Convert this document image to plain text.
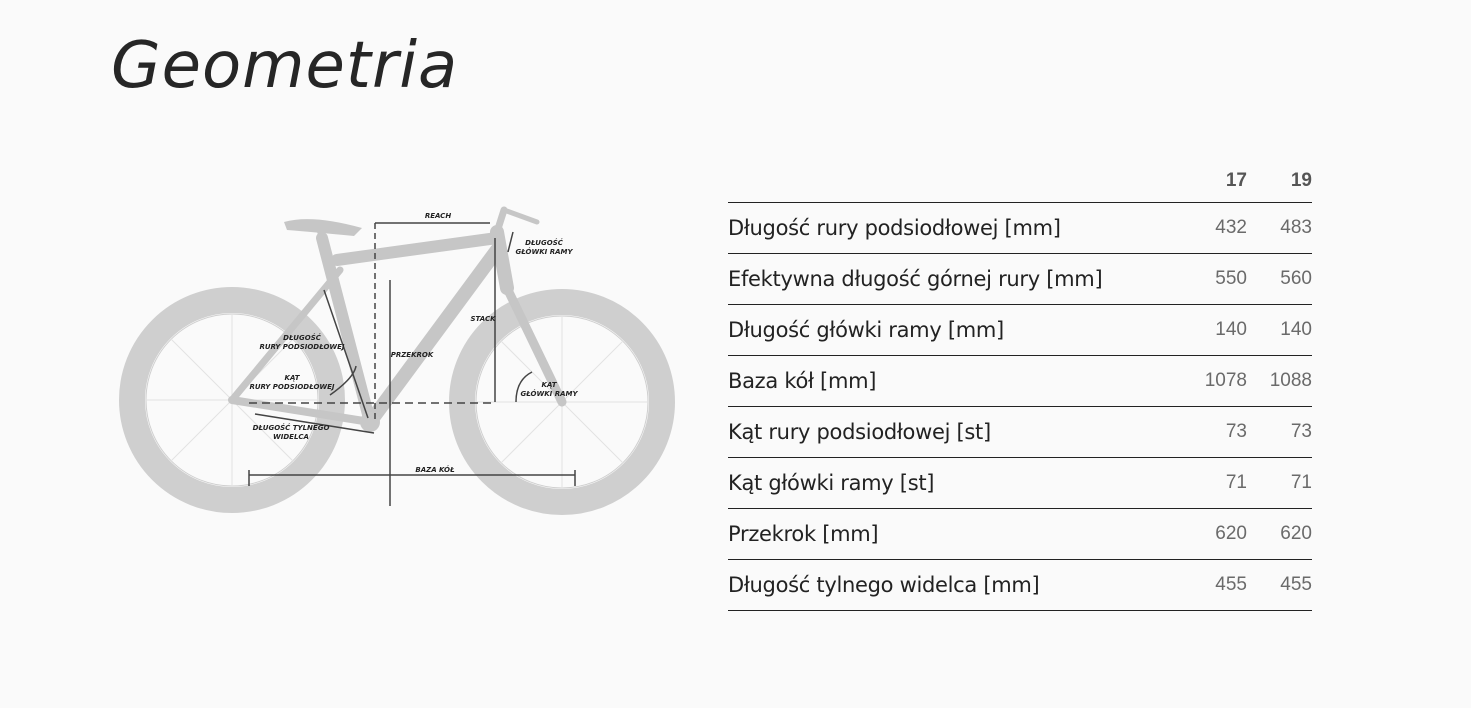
Geometria
REACH
DŁUGOŚĆ
GŁÓWKI RAMY
STACK
DŁUGOŚĆ
RURY PODSIODŁOWEJ
PRZEKROK
KĄT
RURY PODSIODŁOWEJ	KĄT
GŁÓWKI RAMY
DŁUGOŚĆ TYLNEGO
WIDELCA
BAZA KÓŁ
17	19
Długość rury podsiodłowej [mm]	432	483
Efektywna długość górnej rury [mm]	550	560
Długość główki ramy [mm]	140	140
Baza kół [mm]	1078	1088
Kąt rury podsiodłowej [st]	73	73
Kąt główki ramy [st]	71	71
Przekrok [mm]	620	620
Długość tylnego widelca [mm]	455	455
